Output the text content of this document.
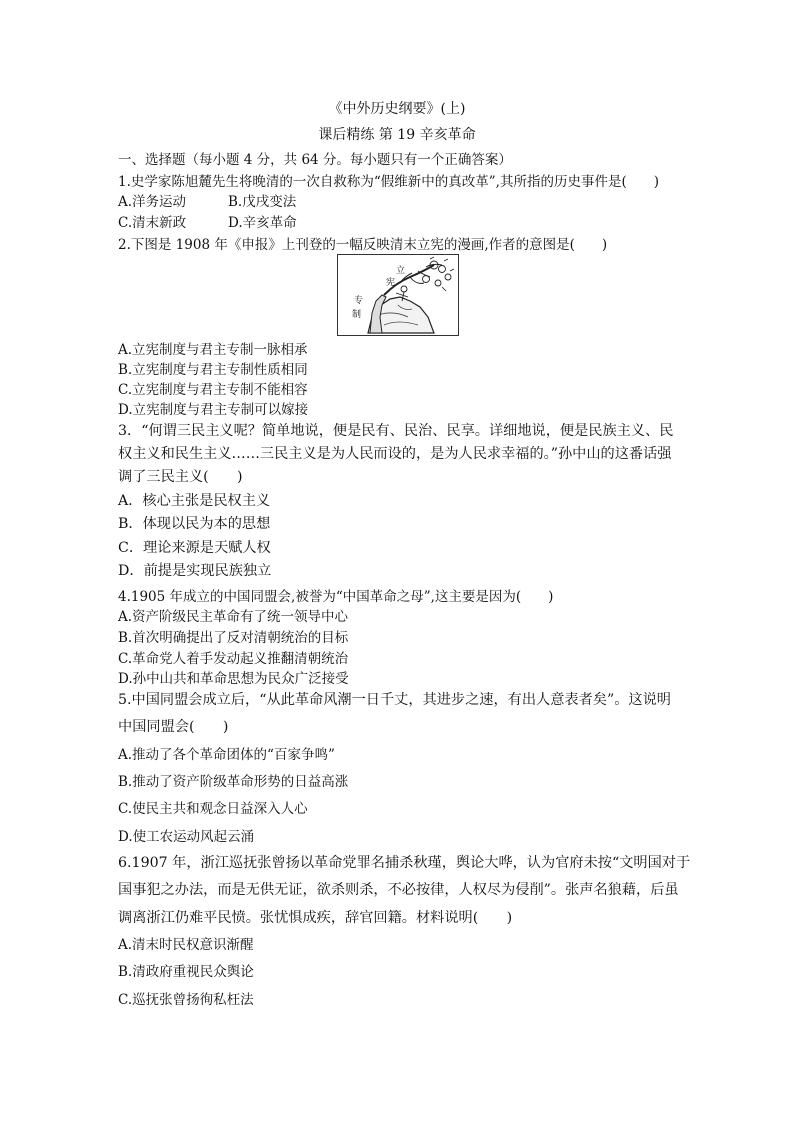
《中外历史纲要》(上)
课后精练 第 19 辛亥革命
一、选择题（每小题 4 分，共 64 分。每小题只有一个正确答案）
1.史学家陈旭麓先生将晚清的一次自救称为“假维新中的真改革”,其所指的历史事件是(　　)
A.洋务运动	B.戊戌变法
C.清末新政	D.辛亥革命
2.下图是 1908 年《申报》上刊登的一幅反映清末立宪的漫画,作者的意图是(　　)
立
宪
专
制
A.立宪制度与君主专制一脉相承
B.立宪制度与君主专制性质相同
C.立宪制度与君主专制不能相容
D.立宪制度与君主专制可以嫁接
3．“何谓三民主义呢？简单地说，便是民有、民治、民享。详细地说，便是民族主义、民
权主义和民生主义……三民主义是为人民而设的，是为人民求幸福的。”孙中山的这番话强
调了三民主义(　　)
A．核心主张是民权主义
B．体现以民为本的思想
C．理论来源是天赋人权
D．前提是实现民族独立
4.1905 年成立的中国同盟会,被誉为“中国革命之母”,这主要是因为(　　)
A.资产阶级民主革命有了统一领导中心
B.首次明确提出了反对清朝统治的目标
C.革命党人着手发动起义推翻清朝统治
D.孙中山共和革命思想为民众广泛接受
5.中国同盟会成立后，“从此革命风潮一日千丈，其进步之速，有出人意表者矣”。这说明
中国同盟会(　　)
A.推动了各个革命团体的“百家争鸣”
B.推动了资产阶级革命形势的日益高涨
C.使民主共和观念日益深入人心
D.使工农运动风起云涌
6.1907 年，浙江巡抚张曾扬以革命党罪名捕杀秋瑾，舆论大哗，认为官府未按“文明国对于
国事犯之办法，而是无供无证，欲杀则杀，不必按律，人权尽为侵削”。张声名狼藉，后虽
调离浙江仍难平民愤。张忧惧成疾，辞官回籍。材料说明(　　)
A.清末时民权意识渐醒
B.清政府重视民众舆论
C.巡抚张曾扬徇私枉法
